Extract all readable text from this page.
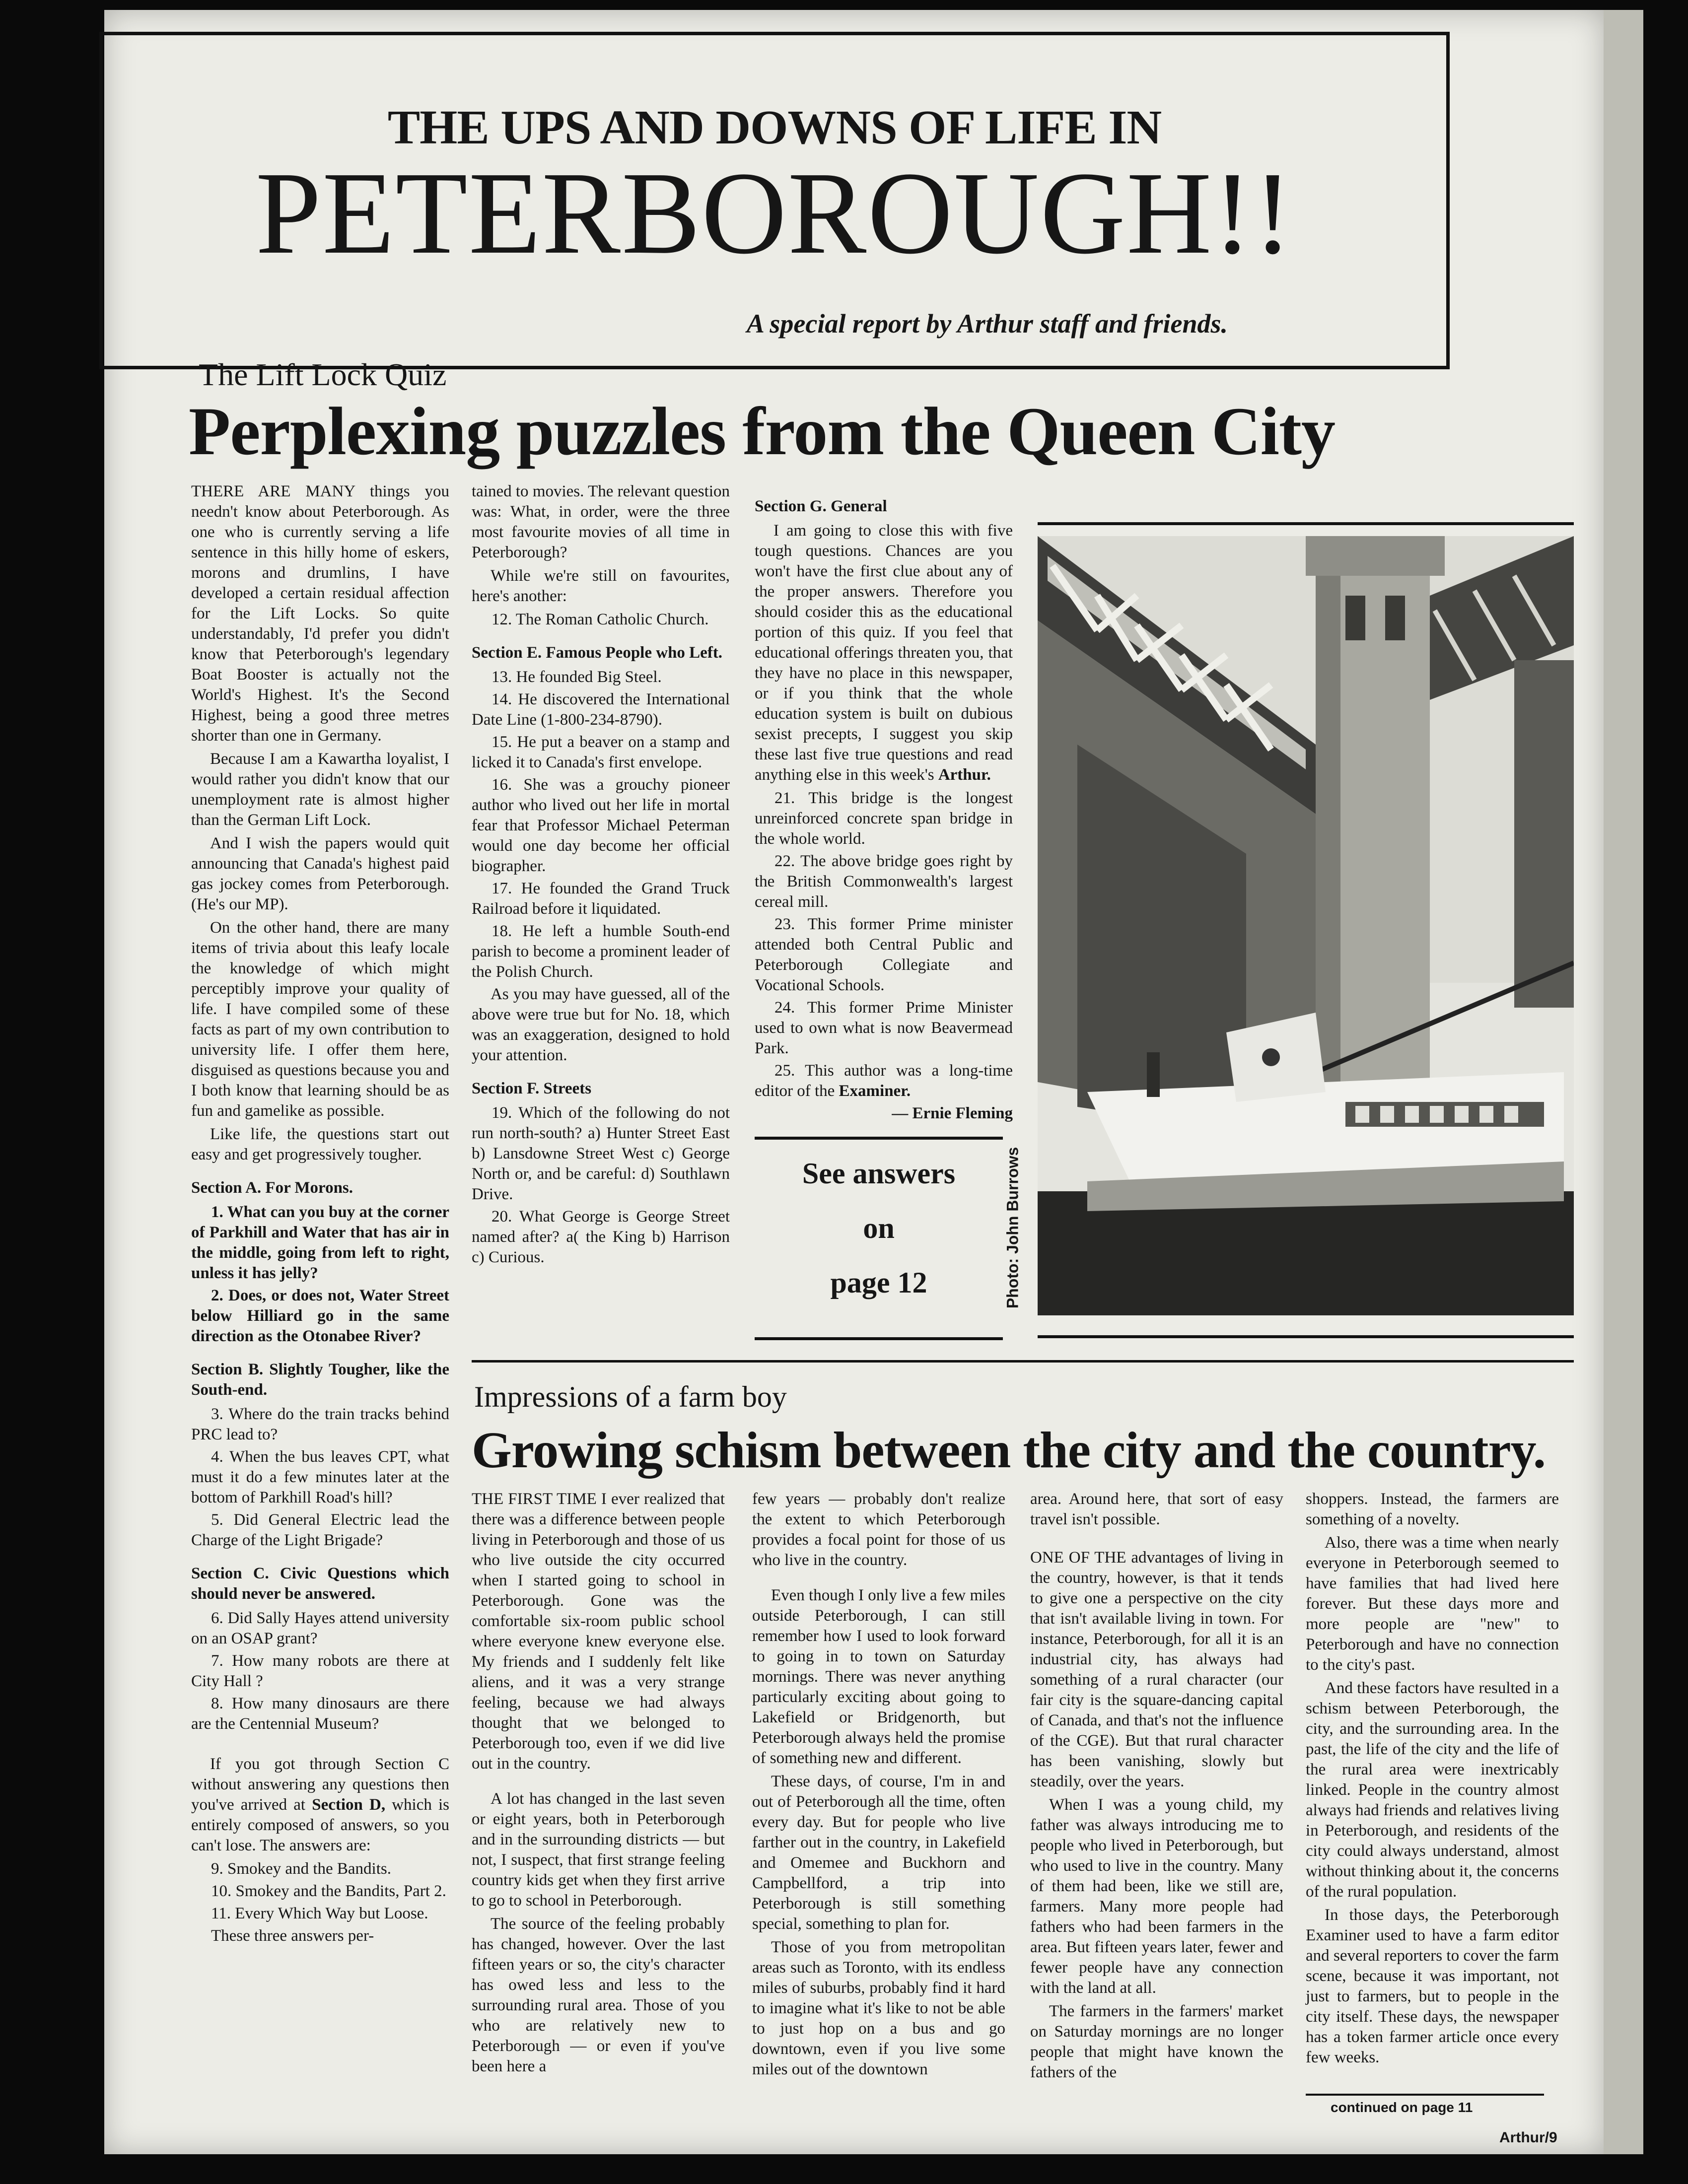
THE UPS AND DOWNS OF LIFE IN
PETERBOROUGH!!
A special report by Arthur staff and friends.
The Lift Lock Quiz
Perplexing puzzles from the Queen City

THERE ARE MANY things you needn't know about Peterborough. As one who is currently serving a life sentence in this hilly home of eskers, morons and drumlins, I have developed a certain residual affection for the Lift Locks. So quite understandably, I'd prefer you didn't know that Peterborough's legendary Boat Booster is actually not the World's Highest. It's the Second Highest, being a good three metres shorter than one in Germany.

Because I am a Kawartha loyalist, I would rather you didn't know that our unemployment rate is almost higher than the German Lift Lock.

And I wish the papers would quit announcing that Canada's highest paid gas jockey comes from Peterborough. (He's our MP).

On the other hand, there are many items of trivia about this leafy locale the knowledge of which might perceptibly improve your quality of life. I have compiled some of these facts as part of my own contribution to university life. I offer them here, disguised as questions because you and I both know that learning should be as fun and gamelike as possible.

Like life, the questions start out easy and get progressively tougher.

Section A. For Morons.

1. What can you buy at the corner of Parkhill and Water that has air in the middle, going from left to right, unless it has jelly?

2. Does, or does not, Water Street below Hilliard go in the same direction as the Otonabee River?

Section B. Slightly Tougher, like the South-end.

3. Where do the train tracks behind PRC lead to?

4. When the bus leaves CPT, what must it do a few minutes later at the bottom of Parkhill Road's hill?

5. Did General Electric lead the Charge of the Light Brigade?

Section C. Civic Questions which should never be answered.

6. Did Sally Hayes attend university on an OSAP grant?

7. How many robots are there at City Hall ?

8. How many dinosaurs are there are the Centennial Museum?

If you got through Section C without answering any questions then you've arrived at Section D, which is entirely composed of answers, so you can't lose. The answers are:

9. Smokey and the Bandits.

10. Smokey and the Bandits, Part 2.

11. Every Which Way but Loose.

These three answers per-

tained to movies. The relevant question was: What, in order, were the three most favourite movies of all time in Peterborough?

While we're still on favourites, here's another:

12. The Roman Catholic Church.

Section E. Famous People who Left.

13. He founded Big Steel.

14. He discovered the International Date Line (1-800-234-8790).

15. He put a beaver on a stamp and licked it to Canada's first envelope.

16. She was a grouchy pioneer author who lived out her life in mortal fear that Professor Michael Peterman would one day become her official biographer.

17. He founded the Grand Truck Railroad before it liquidated.

18. He left a humble South-end parish to become a prominent leader of the Polish Church.

As you may have guessed, all of the above were true but for No. 18, which was an exaggeration, designed to hold your attention.

Section F. Streets

19. Which of the following do not run north-south? a) Hunter Street East b) Lansdowne Street West c) George North or, and be careful: d) Southlawn Drive.

20. What George is George Street named after? a( the King b) Harrison c) Curious.

Section G. General

I am going to close this with five tough questions. Chances are you won't have the first clue about any of the proper answers. Therefore you should cosider this as the educational portion of this quiz. If you feel that educational offerings threaten you, that they have no place in this newspaper, or if you think that the whole education system is built on dubious sexist precepts, I suggest you skip these last five true questions and read anything else in this week's Arthur.

21. This bridge is the longest unreinforced concrete span bridge in the whole world.

22. The above bridge goes right by the British Commonwealth's largest cereal mill.

23. This former Prime minister attended both Central Public and Peterborough Collegiate and Vocational Schools.

24. This former Prime Minister used to own what is now Beavermead Park.

25. This author was a long-time editor of the Examiner.

— Ernie Fleming

See answers
on
page 12	Photo: John Burrows
Impressions of a farm boy
Growing schism between the city and the country.

THE FIRST TIME I ever realized that there was a difference between people living in Peterborough and those of us who live outside the city occurred when I started going to school in Peterborough. Gone was the comfortable six-room public school where everyone knew everyone else. My friends and I suddenly felt like aliens, and it was a very strange feeling, because we had always thought that we belonged to Peterborough too, even if we did live out in the country.

A lot has changed in the last seven or eight years, both in Peterborough and in the surrounding districts — but not, I suspect, that first strange feeling country kids get when they first arrive to go to school in Peterborough.

The source of the feeling probably has changed, however. Over the last fifteen years or so, the city's character has owed less and less to the surrounding rural area. Those of you who are relatively new to Peterborough — or even if you've been here a

few years — probably don't realize the extent to which Peterborough provides a focal point for those of us who live in the country.

Even though I only live a few miles outside Peterborough, I can still remember how I used to look forward to going in to town on Saturday mornings. There was never anything particularly exciting about going to Lakefield or Bridgenorth, but Peterborough always held the promise of something new and different.

These days, of course, I'm in and out of Peterborough all the time, often every day. But for people who live farther out in the country, in Lakefield and Omemee and Buckhorn and Campbellford, a trip into Peterborough is still something special, something to plan for.

Those of you from metropolitan areas such as Toronto, with its endless miles of suburbs, probably find it hard to imagine what it's like to not be able to just hop on a bus and go downtown, even if you live some miles out of the downtown

area. Around here, that sort of easy travel isn't possible.

ONE OF THE advantages of living in the country, however, is that it tends to give one a perspective on the city that isn't available living in town. For instance, Peterborough, for all it is an industrial city, has always had something of a rural character (our fair city is the square-dancing capital of Canada, and that's not the influence of the CGE). But that rural character has been vanishing, slowly but steadily, over the years.

When I was a young child, my father was always introducing me to people who lived in Peterborough, but who used to live in the country. Many of them had been, like we still are, farmers. Many more people had fathers who had been farmers in the area. But fifteen years later, fewer and fewer people have any connection with the land at all.

The farmers in the farmers' market on Saturday mornings are no longer people that might have known the fathers of the

shoppers. Instead, the farmers are something of a novelty.

Also, there was a time when nearly everyone in Peterborough seemed to have families that had lived here forever. But these days more and more people are "new" to Peterborough and have no connection to the city's past.

And these factors have resulted in a schism between Peterborough, the city, and the surrounding area. In the past, the life of the city and the life of the rural area were inextricably linked. People in the country almost always had friends and relatives living in Peterborough, and residents of the city could always understand, almost without thinking about it, the concerns of the rural population.

In those days, the Peterborough Examiner used to have a farm editor and several reporters to cover the farm scene, because it was important, not just to farmers, but to people in the city itself. These days, the newspaper has a token farmer article once every few weeks.

continued on page 11
Arthur/9
